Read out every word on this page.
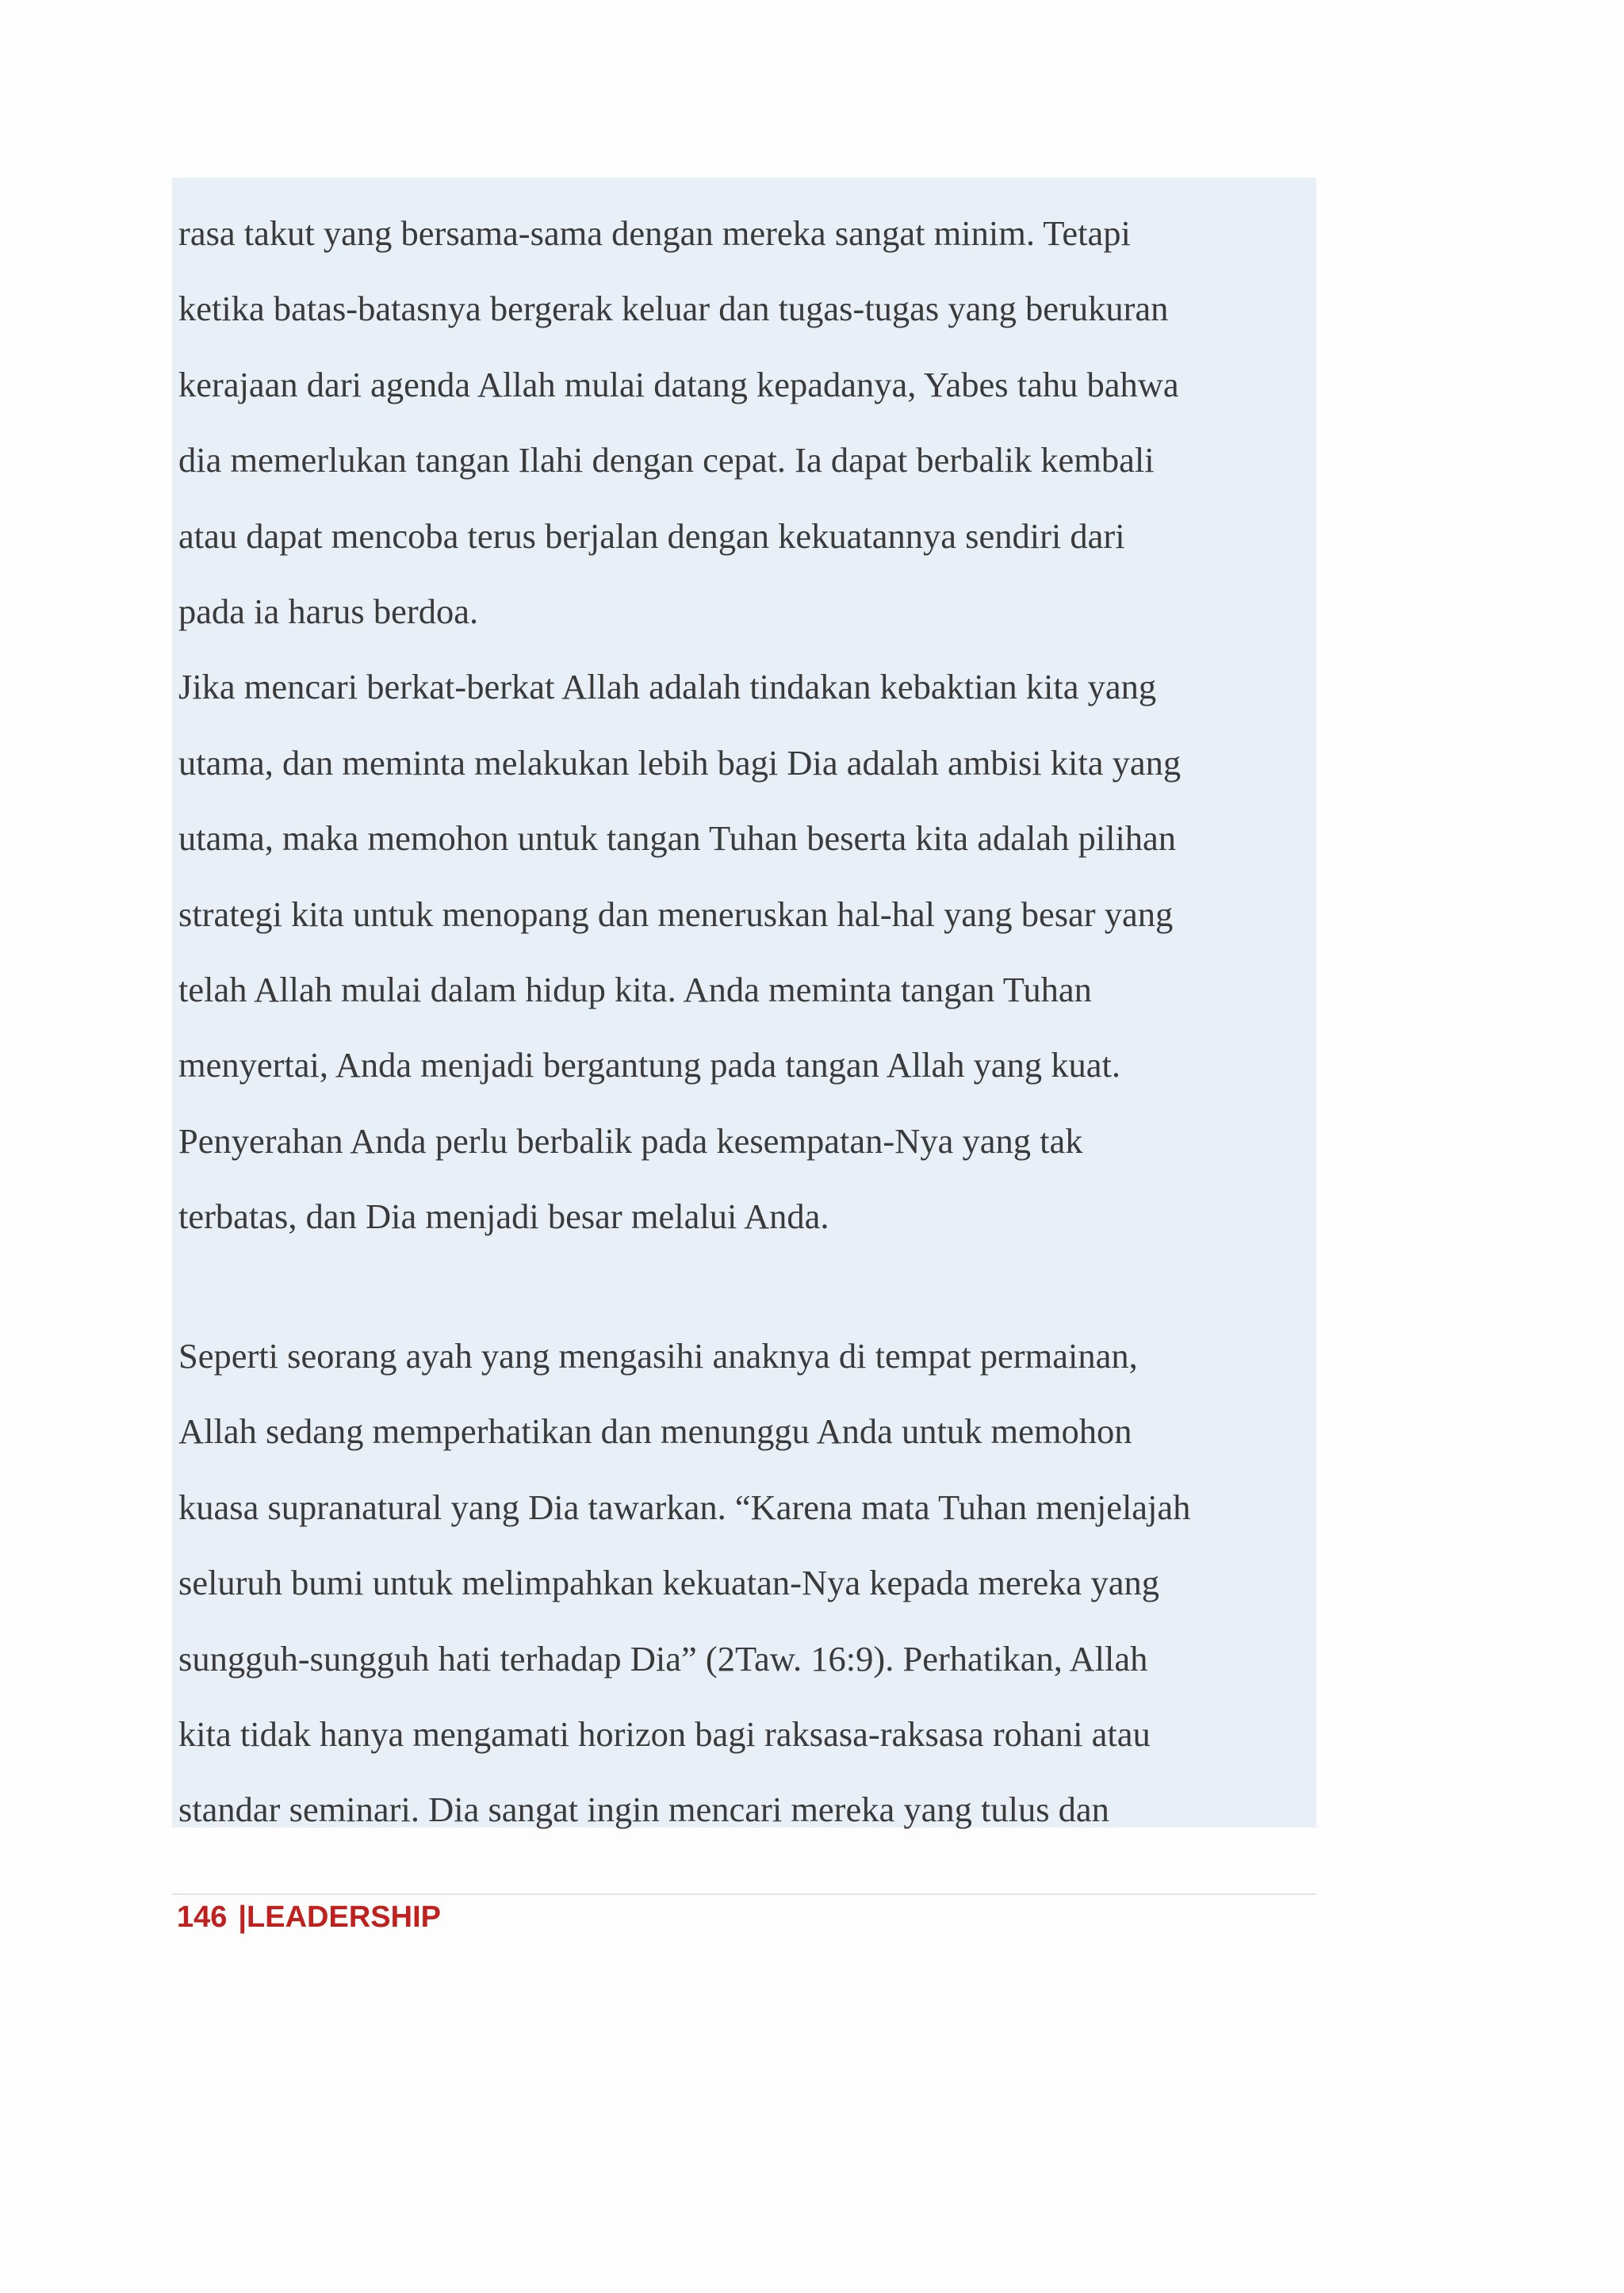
rasa takut yang bersama-sama dengan mereka sangat minim. Tetapi
ketika batas-batasnya bergerak keluar dan tugas-tugas yang berukuran
kerajaan dari agenda Allah mulai datang kepadanya, Yabes tahu bahwa
dia memerlukan tangan Ilahi dengan cepat. Ia dapat berbalik kembali
atau dapat mencoba terus berjalan dengan kekuatannya sendiri dari
pada ia harus berdoa.
Jika mencari berkat-berkat Allah adalah tindakan kebaktian kita yang
utama, dan meminta melakukan lebih bagi Dia adalah ambisi kita yang
utama, maka memohon untuk tangan Tuhan beserta kita adalah pilihan
strategi kita untuk menopang dan meneruskan hal-hal yang besar yang
telah Allah mulai dalam hidup kita. Anda meminta tangan Tuhan
menyertai, Anda menjadi bergantung pada tangan Allah yang kuat.
Penyerahan Anda perlu berbalik pada kesempatan-Nya yang tak
terbatas, dan Dia menjadi besar melalui Anda.
Seperti seorang ayah yang mengasihi anaknya di tempat permainan,
Allah sedang memperhatikan dan menunggu Anda untuk memohon
kuasa supranatural yang Dia tawarkan. “Karena mata Tuhan menjelajah
seluruh bumi untuk melimpahkan kekuatan-Nya kepada mereka yang
sungguh-sungguh hati terhadap Dia” (2Taw. 16:9). Perhatikan, Allah
kita tidak hanya mengamati horizon bagi raksasa-raksasa rohani atau
standar seminari. Dia sangat ingin mencari mereka yang tulus dan
146 |LEADERSHIP
